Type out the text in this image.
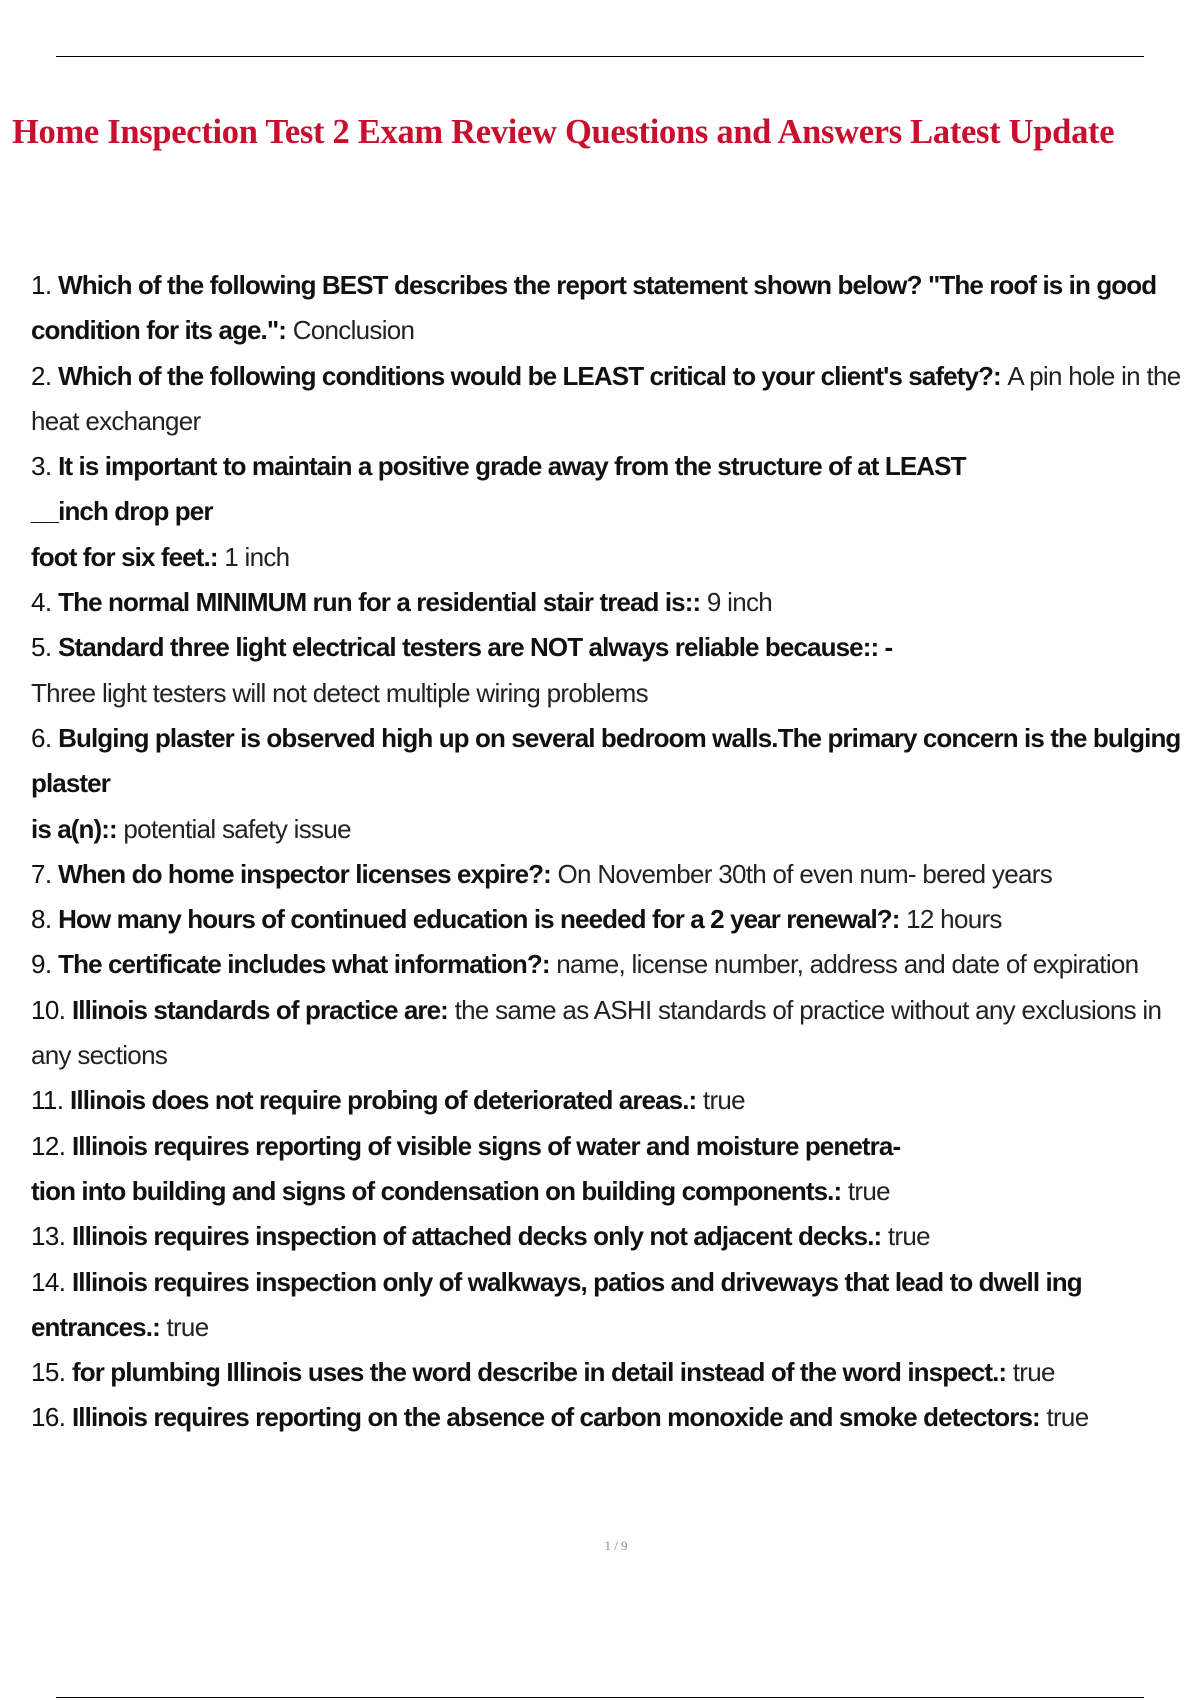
Home Inspection Test 2 Exam Review Questions and Answers Latest Update
1. Which of the following BEST describes the report statement shown below? "The roof is in good condition for its age.": Conclusion
2. Which of the following conditions would be LEAST critical to your client's safety?: A pin hole in the heat exchanger
3. It is important to maintain a positive grade away from the structure of at LEAST
__inch drop per
foot for six feet.: 1 inch
4. The normal MINIMUM run for a residential stair tread is:: 9 inch
5. Standard three light electrical testers are NOT always reliable because:: -
Three light testers will not detect multiple wiring problems
6. Bulging plaster is observed high up on several bedroom walls.The primary concern is the bulging plaster
is a(n):: potential safety issue
7. When do home inspector licenses expire?: On November 30th of even num- bered years
8. How many hours of continued education is needed for a 2 year renewal?: 12 hours
9. The certificate includes what information?: name, license number, address and date of expiration
10. Illinois standards of practice are: the same as ASHI standards of practice without any exclusions in any sections
11. Illinois does not require probing of deteriorated areas.: true
12. Illinois requires reporting of visible signs of water and moisture penetra-
tion into building and signs of condensation on building components.: true
13. Illinois requires inspection of attached decks only not adjacent decks.: true
14. Illinois requires inspection only of walkways, patios and driveways that lead to dwell ing entrances.: true
15. for plumbing Illinois uses the word describe in detail instead of the word inspect.: true
16. Illinois requires reporting on the absence of carbon monoxide and smoke detectors: true
1 / 9
